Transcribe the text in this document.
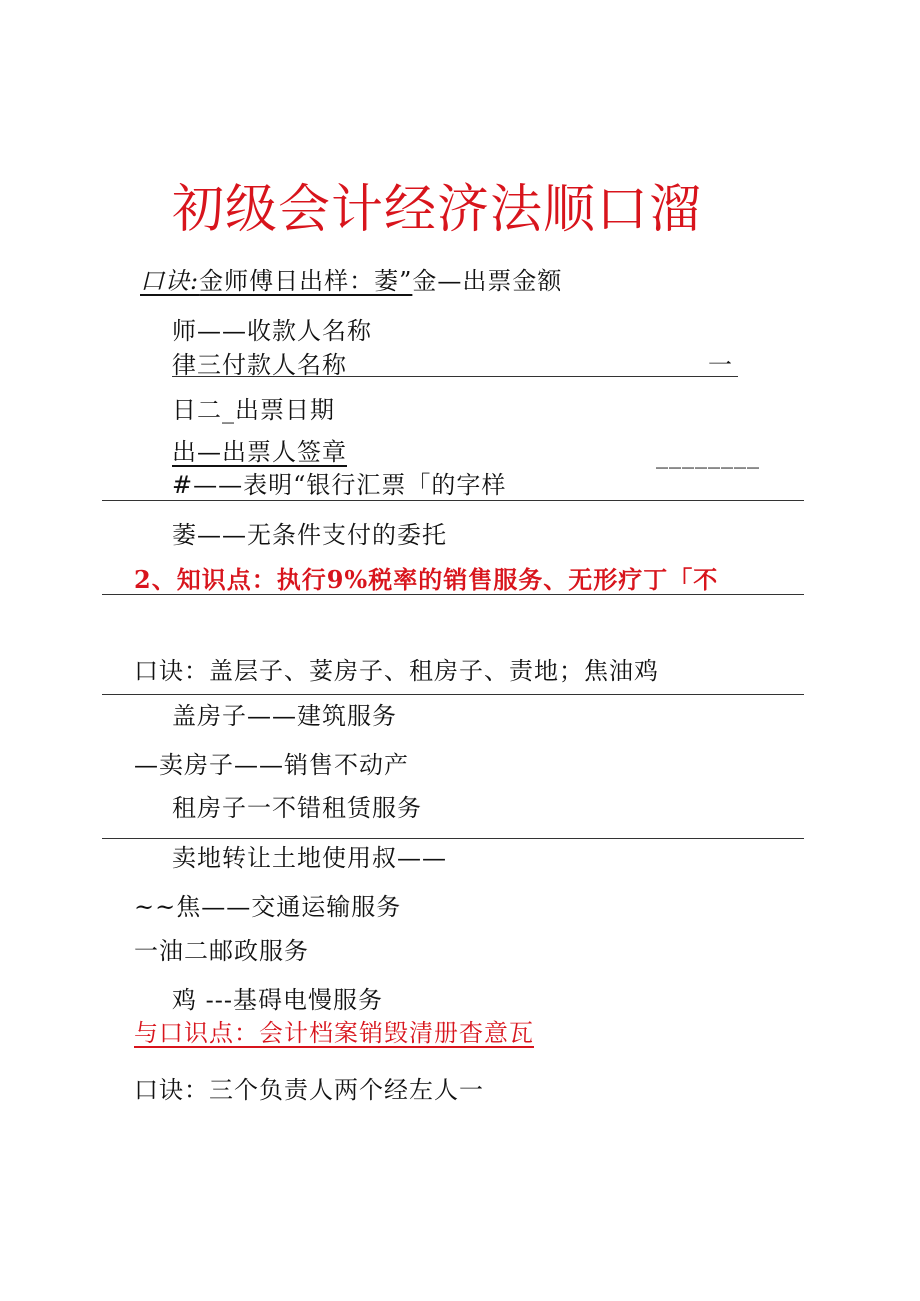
初级会计经济法顺口溜
口诀:金师傅日出样：萎”金—出票金额
师——收款人名称
律三付款人名称	一
日二_出票日期
出—出票人签章	________
#——表明“银行汇票「的字样
萎——无条件支付的委托
2、知识点：执行9%税率的销售服务、无形疗丁「不
口诀：盖层子、荽房子、租房子、责地；焦油鸡
盖房子——建筑服务
—卖房子——销售不动产
租房子一不错租赁服务
卖地转让土地使用叔——
~~焦——交通运输服务
一油二邮政服务
鸡 ---基碍电慢服务
与口识点：会计档案销毁清册杳意瓦
口诀：三个负责人两个经左人一
